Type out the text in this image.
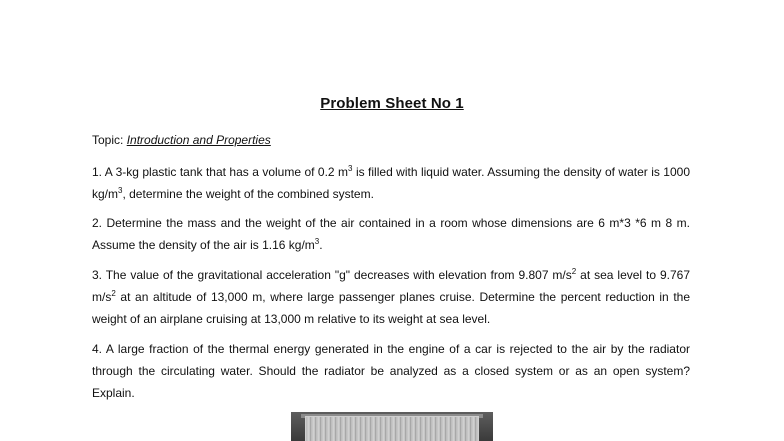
Problem Sheet No 1
Topic: Introduction and Properties
1. A 3-kg plastic tank that has a volume of 0.2 $m^3$ is filled with liquid water. Assuming the density of water is 1000 $kg/m^3$, determine the weight of the combined system.
2. Determine the mass and the weight of the air contained in a room whose dimensions are 6 m*3 *6 m 8 m. Assume the density of the air is 1.16 $kg/m^3$.
3. The value of the gravitational acceleration "g" decreases with elevation from 9.807 $m/s^2$ at sea level to 9.767 $m/s^2$ at an altitude of 13,000 m, where large passenger planes cruise. Determine the percent reduction in the weight of an airplane cruising at 13,000 m relative to its weight at sea level.
4. A large fraction of the thermal energy generated in the engine of a car is rejected to the air by the radiator through the circulating water. Should the radiator be analyzed as a closed system or as an open system? Explain.
